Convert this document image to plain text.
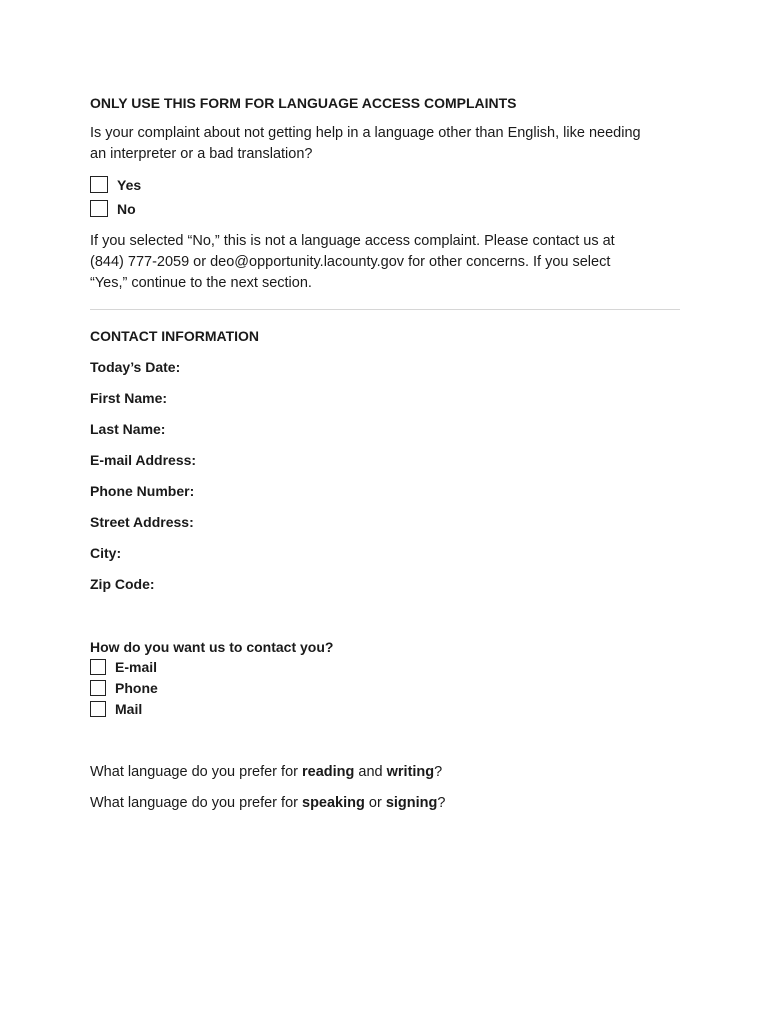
ONLY USE THIS FORM FOR LANGUAGE ACCESS COMPLAINTS
Is your complaint about not getting help in a language other than English, like needing
an interpreter or a bad translation?
Yes
No
If you selected “No,” this is not a language access complaint. Please contact us at
(844) 777-2059 or deo@opportunity.lacounty.gov for other concerns. If you select
“Yes,” continue to the next section.
CONTACT INFORMATION
Today’s Date:
First Name:
Last Name:
E-mail Address:
Phone Number:
Street Address:
City:
Zip Code:
How do you want us to contact you?
E-mail
Phone
Mail
What language do you prefer for reading and writing?
What language do you prefer for speaking or signing?
